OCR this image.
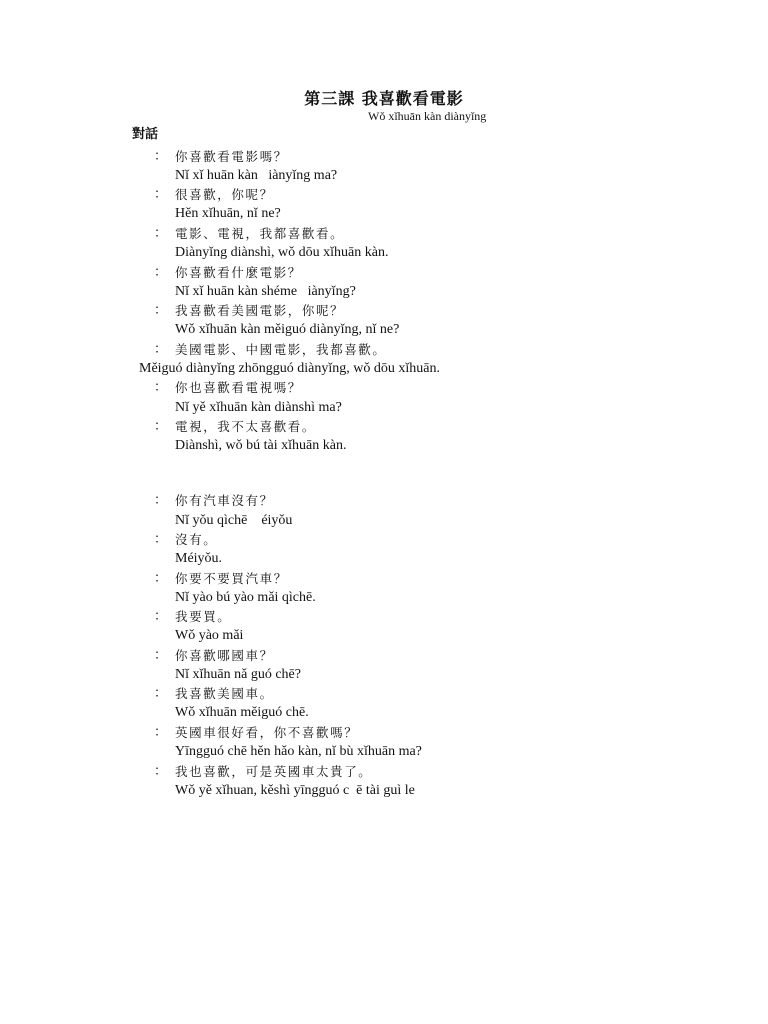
第三課 我喜歡看電影
Wǒ xǐhuān kàn diànyǐng
對話
： 你喜歡看電影嗎？
Nǐ xǐ huān kàn   iànyǐng ma?
： 很喜歡，你呢？
Hěn xǐhuān, nǐ ne?
： 電影、電視，我都喜歡看。
Diànyǐng diànshì, wǒ dōu xǐhuān kàn.
： 你喜歡看什麼電影？
Nǐ xǐ huān kàn shéme   iànyǐng?
： 我喜歡看美國電影，你呢？
Wǒ xǐhuān kàn měiguó diànyǐng, nǐ ne?
： 美國電影、中國電影，我都喜歡。
Měiguó diànyǐng zhōngguó diànyǐng, wǒ dōu xǐhuān.
： 你也喜歡看電視嗎？
Nǐ yě xǐhuān kàn diànshì ma?
： 電視，我不太喜歡看。
Diànshì, wǒ bú tài xǐhuān kàn.
： 你有汽車沒有？
Nǐ yǒu qìchē    éiyǒu
： 沒有。
Méiyǒu.
： 你要不要買汽車？
Nǐ yào bú yào mǎi qìchē.
： 我要買。
Wǒ yào mǎi
： 你喜歡哪國車？
Nǐ xǐhuān nǎ guó chē?
： 我喜歡美國車。
Wǒ xǐhuān měiguó chē.
： 英國車很好看，你不喜歡嗎？
Yīngguó chē hěn hǎo kàn, nǐ bù xǐhuān ma?
： 我也喜歡，可是英國車太貴了。
Wǒ yě xǐhuan, kěshì yīngguó c  ē tài guì le
